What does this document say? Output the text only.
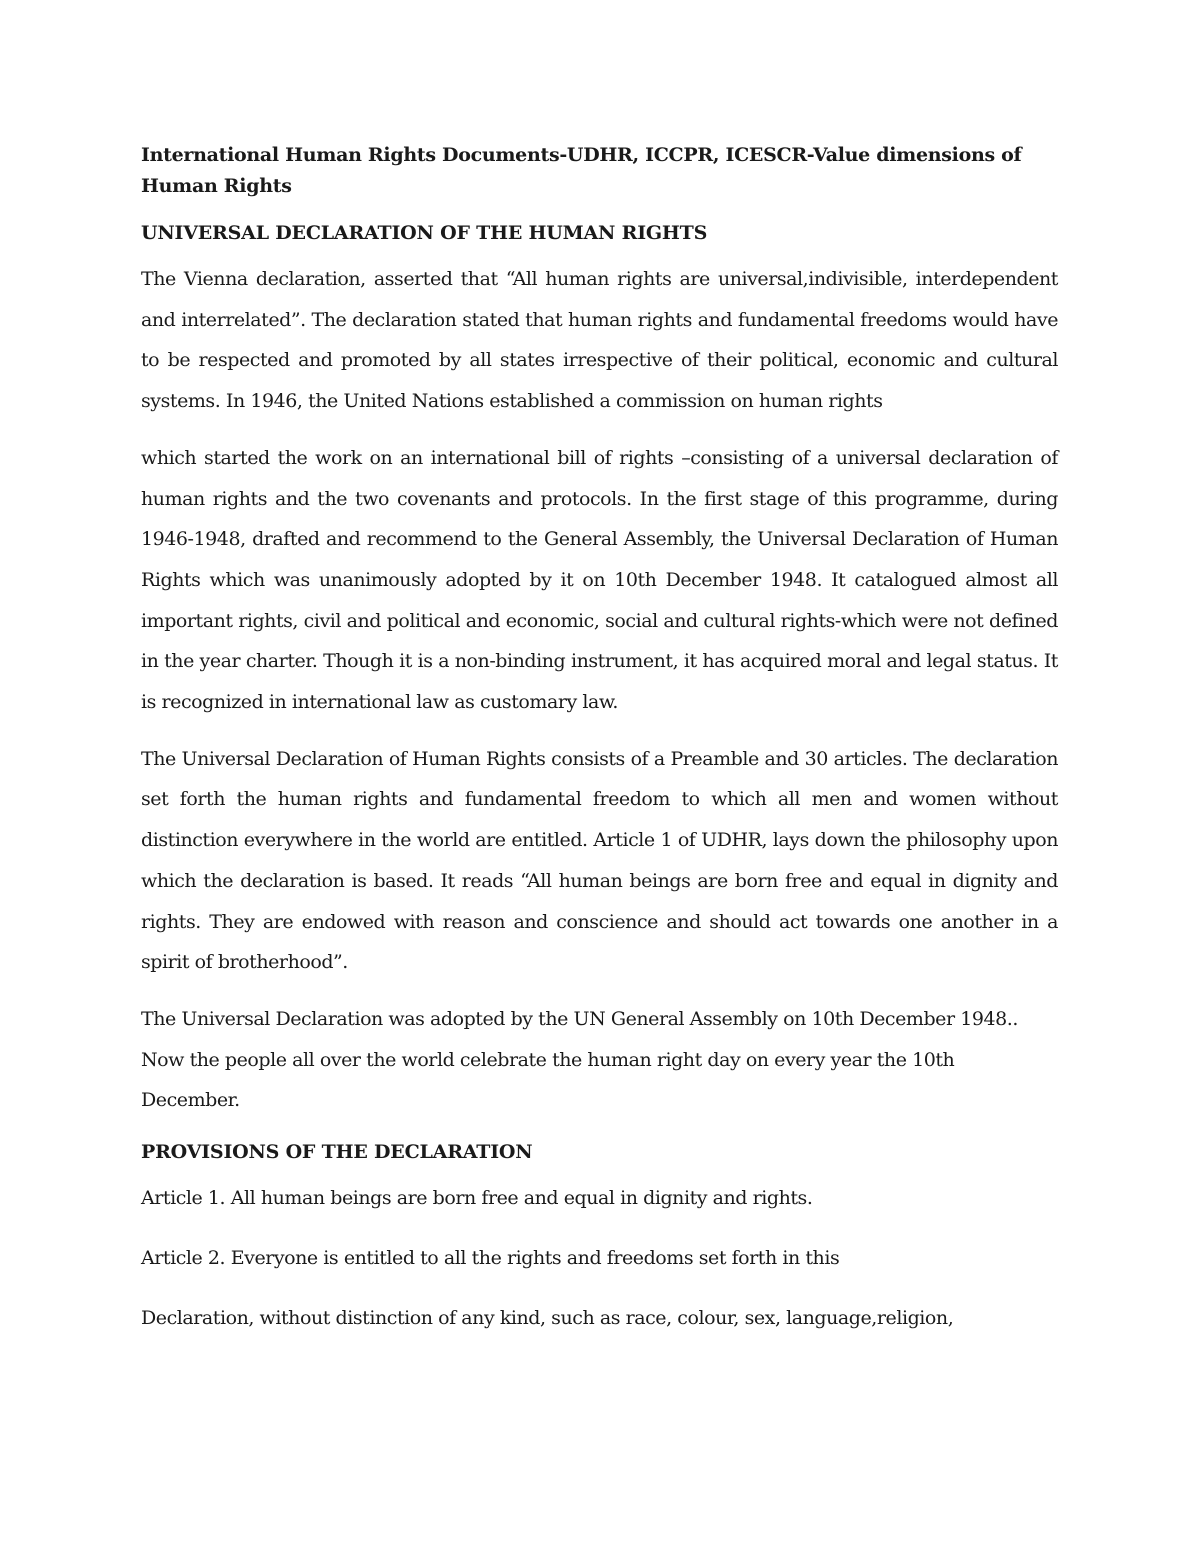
International Human Rights Documents-UDHR, ICCPR, ICESCR-Value dimensions of Human Rights

UNIVERSAL DECLARATION OF THE HUMAN RIGHTS

The Vienna declaration, asserted that “All human rights are universal,indivisible, interdependent and interrelated”. The declaration stated that human rights and fundamental freedoms would have to be respected and promoted by all states irrespective of their political, economic and cultural systems. In 1946, the United Nations established a commission on human rights

which started the work on an international bill of rights –consisting of a universal declaration of human rights and the two covenants and protocols. In the first stage of this programme, during 1946-1948, drafted and recommend to the General Assembly, the Universal Declaration of Human Rights which was unanimously adopted by it on 10th December 1948. It catalogued almost all important rights, civil and political and economic, social and cultural rights-which were not defined in the year charter. Though it is a non-binding instrument, it has acquired moral and legal status. It is recognized in international law as customary law.

The Universal Declaration of Human Rights consists of a Preamble and 30 articles. The declaration set forth the human rights and fundamental freedom to which all men and women without distinction everywhere in the world are entitled. Article 1 of UDHR, lays down the philosophy upon which the declaration is based. It reads “All human beings are born free and equal in dignity and rights. They are endowed with reason and conscience and should act towards one another in a spirit of brotherhood”.

The Universal Declaration was adopted by the UN General Assembly on 10th December 1948.. Now the people all over the world celebrate the human right day on every year the 10th December.

PROVISIONS OF THE DECLARATION

Article 1. All human beings are born free and equal in dignity and rights.

Article 2. Everyone is entitled to all the rights and freedoms set forth in this

Declaration, without distinction of any kind, such as race, colour, sex, language,religion,
